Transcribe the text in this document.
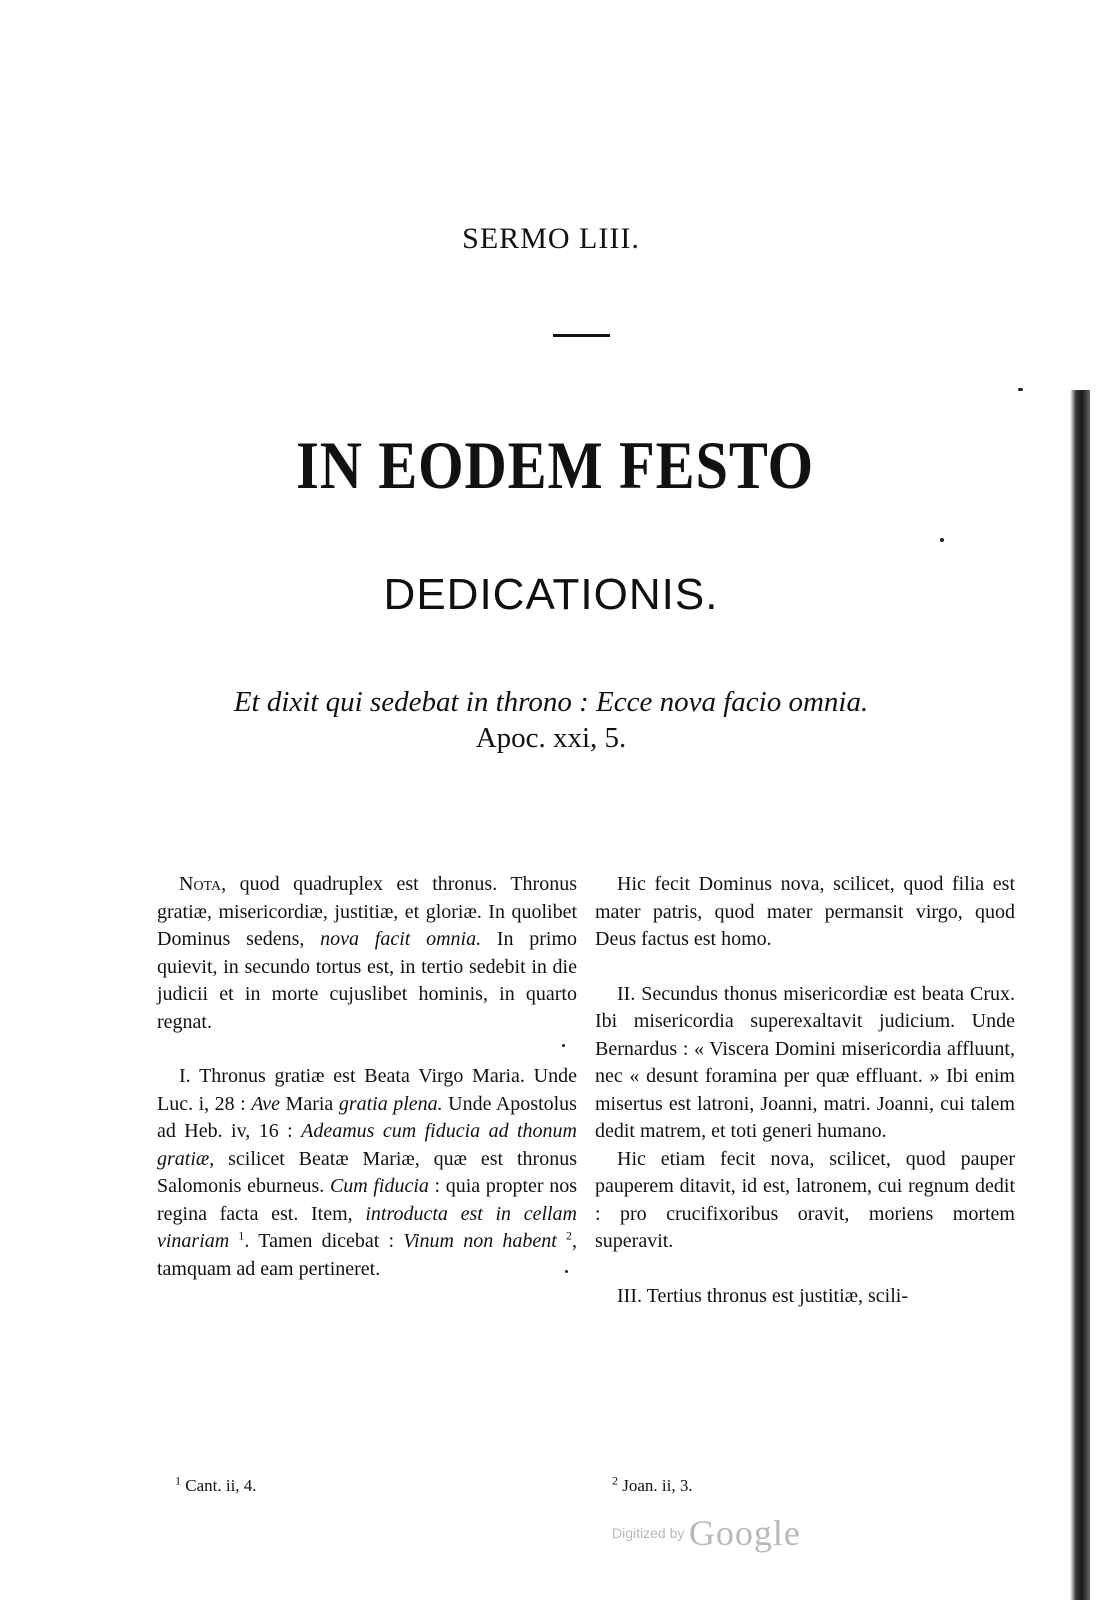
SERMO LIII.
IN EODEM FESTO
DEDICATIONIS.
Et dixit qui sedebat in throno : Ecce nova facio omnia.
Apoc. xxi, 5.

Nota, quod quadruplex est thronus. Thronus gratiæ, misericordiæ, justitiæ, et gloriæ. In quolibet Dominus sedens, nova facit omnia. In primo quievit, in secundo tortus est, in tertio sedebit in die judicii et in morte cujuslibet hominis, in quarto regnat.

I. Thronus gratiæ est Beata Virgo Maria. Unde Luc. i, 28 : Ave Maria gratia plena. Unde Apostolus ad Heb. iv, 16 : Adeamus cum fiducia ad thonum gratiæ, scilicet Beatæ Mariæ, quæ est thronus Salomonis eburneus. Cum fiducia : quia propter nos regina facta est. Item, introducta est in cellam vinariam $^1$. Tamen dicebat : Vinum non habent $^2$, tamquam ad eam pertineret.

Hic fecit Dominus nova, scilicet, quod filia est mater patris, quod mater permansit virgo, quod Deus factus est homo.

II. Secundus thonus misericordiæ est beata Crux. Ibi misericordia superexaltavit judicium. Unde Bernardus : « Viscera Domini misericordia affluunt, nec « desunt foramina per quæ effluant. » Ibi enim misertus est latroni, Joanni, matri. Joanni, cui talem dedit matrem, et toti generi humano.

Hic etiam fecit nova, scilicet, quod pauper pauperem ditavit, id est, latronem, cui regnum dedit : pro crucifixoribus oravit, moriens mortem superavit.

III. Tertius thronus est justitiæ, scili-

$^1$ Cant. ii, 4.	$^2$ Joan. ii, 3.
Digitized by Google
